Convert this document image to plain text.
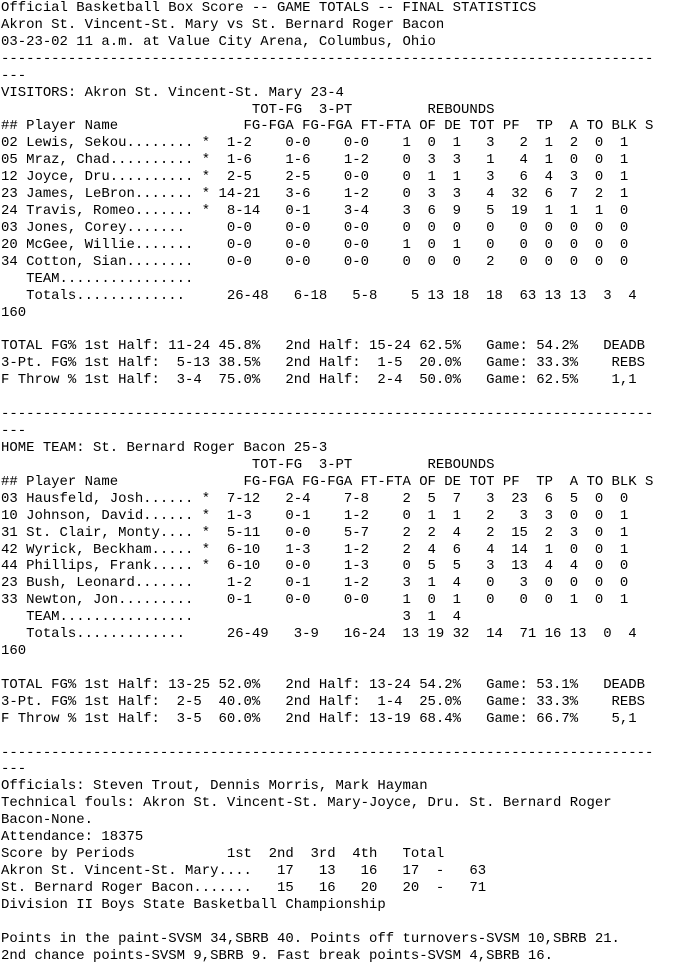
Official Basketball Box Score -- GAME TOTALS -- FINAL STATISTICS
Akron St. Vincent-St. Mary vs St. Bernard Roger Bacon
03-23-02 11 a.m. at Value City Arena, Columbus, Ohio
------------------------------------------------------------------------------
---
VISITORS: Akron St. Vincent-St. Mary 23-4
TOT-FG  3-PT         REBOUNDS
## Player Name               FG-FGA FG-FGA FT-FTA OF DE TOT PF  TP  A TO BLK S
02 Lewis, Sekou........ *  1-2    0-0    0-0    1  0  1   3   2  1  2  0  1
05 Mraz, Chad.......... *  1-6    1-6    1-2    0  3  3   1   4  1  0  0  1
12 Joyce, Dru.......... *  2-5    2-5    0-0    0  1  1   3   6  4  3  0  1
23 James, LeBron....... * 14-21   3-6    1-2    0  3  3   4  32  6  7  2  1
24 Travis, Romeo....... *  8-14   0-1    3-4    3  6  9   5  19  1  1  1  0
03 Jones, Corey.......     0-0    0-0    0-0    0  0  0   0   0  0  0  0  0
20 McGee, Willie.......    0-0    0-0    0-0    1  0  1   0   0  0  0  0  0
34 Cotton, Sian........    0-0    0-0    0-0    0  0  0   2   0  0  0  0  0
TEAM................
Totals.............     26-48   6-18   5-8    5 13 18  18  63 13 13  3  4
160
TOTAL FG% 1st Half: 11-24 45.8%   2nd Half: 15-24 62.5%   Game: 54.2%   DEADB
3-Pt. FG% 1st Half:  5-13 38.5%   2nd Half:  1-5  20.0%   Game: 33.3%    REBS
F Throw % 1st Half:  3-4  75.0%   2nd Half:  2-4  50.0%   Game: 62.5%    1,1
------------------------------------------------------------------------------
---
HOME TEAM: St. Bernard Roger Bacon 25-3
TOT-FG  3-PT         REBOUNDS
## Player Name               FG-FGA FG-FGA FT-FTA OF DE TOT PF  TP  A TO BLK S
03 Hausfeld, Josh...... *  7-12   2-4    7-8    2  5  7   3  23  6  5  0  0
10 Johnson, David...... *  1-3    0-1    1-2    0  1  1   2   3  3  0  0  1
31 St. Clair, Monty.... *  5-11   0-0    5-7    2  2  4   2  15  2  3  0  1
42 Wyrick, Beckham..... *  6-10   1-3    1-2    2  4  6   4  14  1  0  0  1
44 Phillips, Frank..... *  6-10   0-0    1-3    0  5  5   3  13  4  4  0  0
23 Bush, Leonard.......    1-2    0-1    1-2    3  1  4   0   3  0  0  0  0
33 Newton, Jon.........    0-1    0-0    0-0    1  0  1   0   0  0  1  0  1
TEAM................                         3  1  4
Totals.............     26-49   3-9   16-24  13 19 32  14  71 16 13  0  4
160
TOTAL FG% 1st Half: 13-25 52.0%   2nd Half: 13-24 54.2%   Game: 53.1%   DEADB
3-Pt. FG% 1st Half:  2-5  40.0%   2nd Half:  1-4  25.0%   Game: 33.3%    REBS
F Throw % 1st Half:  3-5  60.0%   2nd Half: 13-19 68.4%   Game: 66.7%    5,1
------------------------------------------------------------------------------
---
Officials: Steven Trout, Dennis Morris, Mark Hayman
Technical fouls: Akron St. Vincent-St. Mary-Joyce, Dru. St. Bernard Roger
Bacon-None.
Attendance: 18375
Score by Periods           1st  2nd  3rd  4th   Total
Akron St. Vincent-St. Mary....   17   13   16   17  -   63
St. Bernard Roger Bacon.......   15   16   20   20  -   71
Division II Boys State Basketball Championship
Points in the paint-SVSM 34,SBRB 40. Points off turnovers-SVSM 10,SBRB 21.
2nd chance points-SVSM 9,SBRB 9. Fast break points-SVSM 4,SBRB 16.
